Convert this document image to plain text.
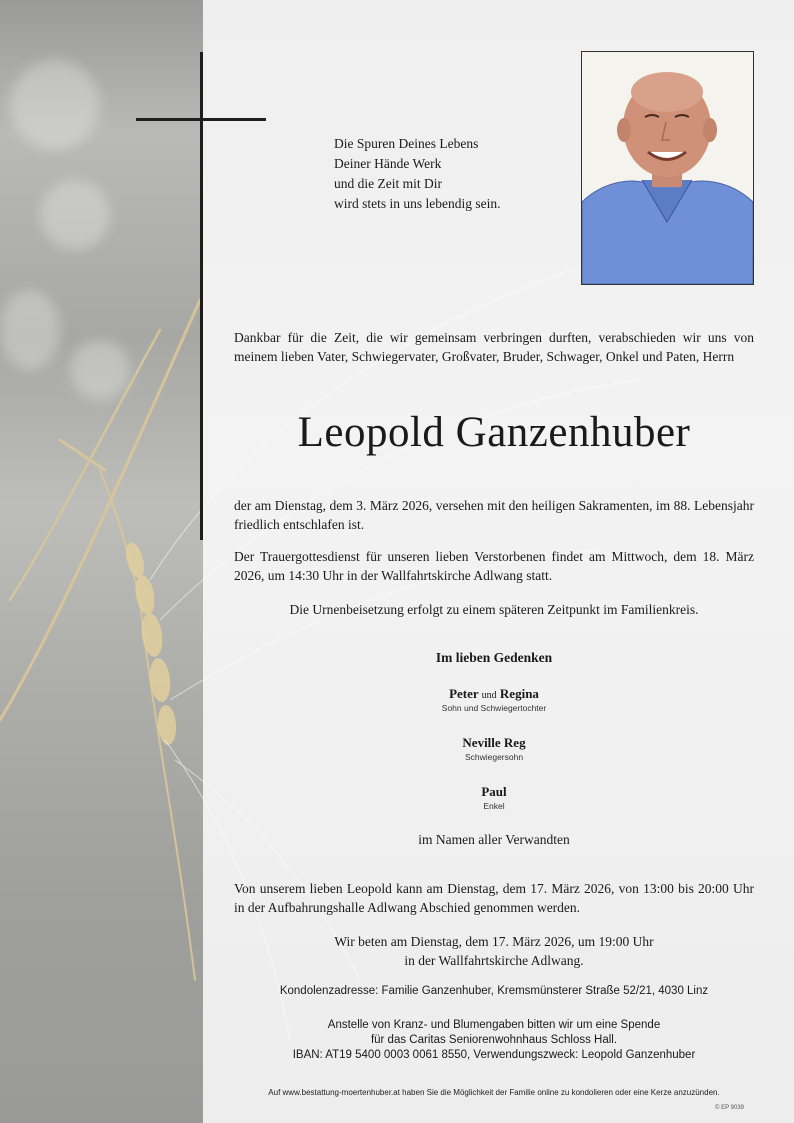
Die Spuren Deines Lebens
Deiner Hände Werk
und die Zeit mit Dir
wird stets in uns lebendig sein.
Dankbar für die Zeit, die wir gemeinsam verbringen durften, verabschieden wir uns von meinem lieben Vater, Schwiegervater, Großvater, Bruder, Schwager, Onkel und Paten, Herrn
Leopold Ganzenhuber
der am Dienstag, dem 3. März 2026, versehen mit den heiligen Sakramenten, im 88. Lebensjahr friedlich entschlafen ist.
Der Trauergottesdienst für unseren lieben Verstorbenen findet am Mittwoch, dem 18. März 2026, um 14:30 Uhr in der Wallfahrtskirche Adlwang statt.
Die Urnenbeisetzung erfolgt zu einem späteren Zeitpunkt im Familienkreis.
Im lieben Gedenken
Peter und Regina
Sohn und Schwiegertochter
Neville Reg
Schwiegersohn
Paul
Enkel
im Namen aller Verwandten
Von unserem lieben Leopold kann am Dienstag, dem 17. März 2026, von 13:00 bis 20:00 Uhr in der Aufbahrungshalle Adlwang Abschied genommen werden.
Wir beten am Dienstag, dem 17. März 2026, um 19:00 Uhr
in der Wallfahrtskirche Adlwang.
Kondolenzadresse: Familie Ganzenhuber, Kremsmünsterer Straße 52/21, 4030 Linz
Anstelle von Kranz- und Blumengaben bitten wir um eine Spende
für das Caritas Seniorenwohnhaus Schloss Hall.
IBAN: AT19 5400 0003 0061 8550, Verwendungszweck: Leopold Ganzenhuber
Auf www.bestattung-moertenhuber.at haben Sie die Möglichkeit der Familie online zu kondolieren oder eine Kerze anzuzünden.
© EP 9039
